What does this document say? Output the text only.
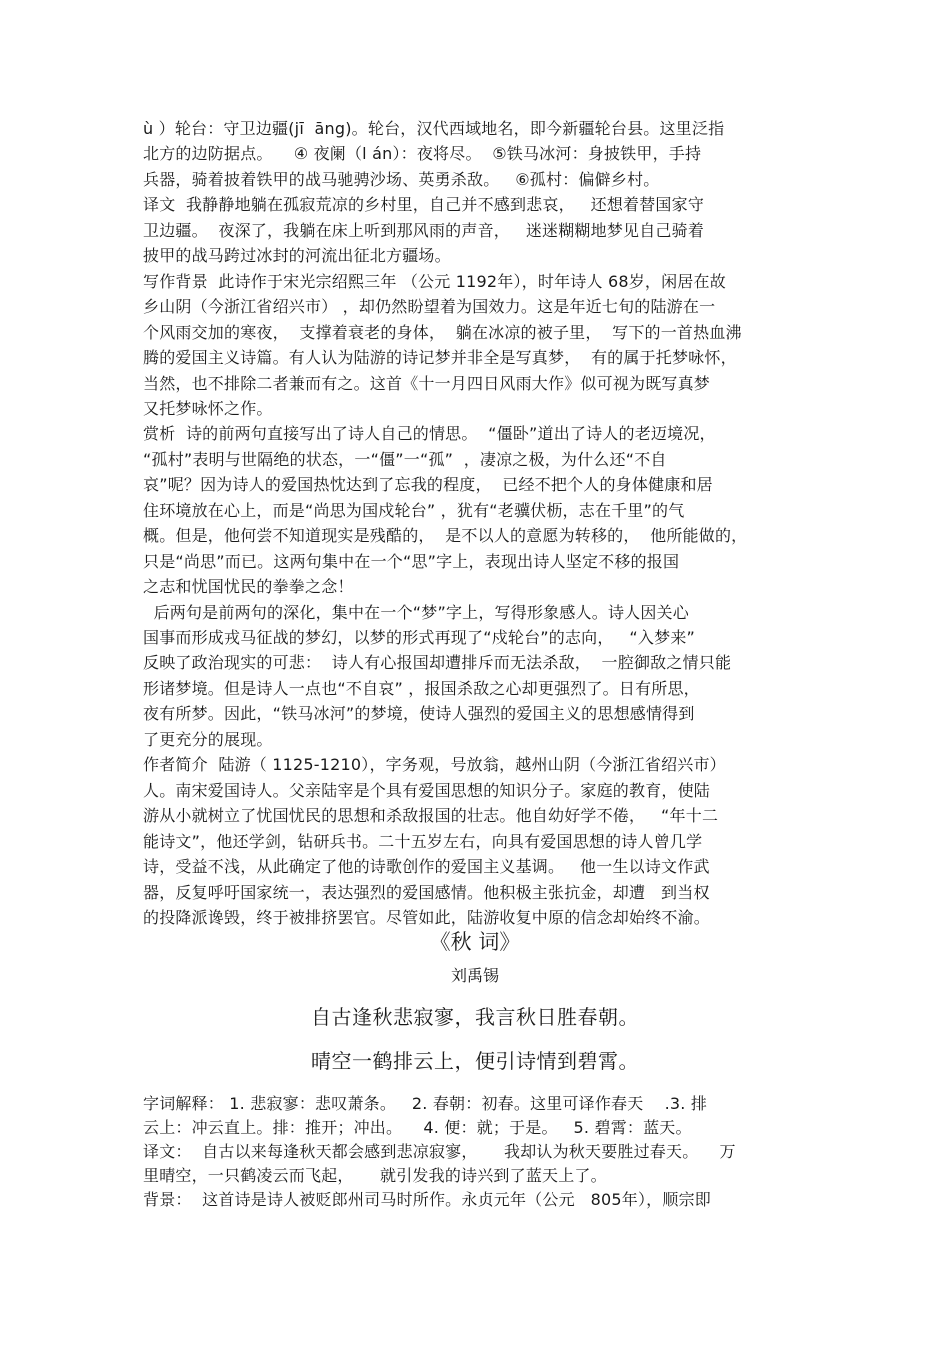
ù ）轮台：守卫边疆(jī  āng)。轮台，汉代西域地名，即今新疆轮台县。这里泛指
北方的边防据点。    ④ 夜阑（l án）：夜将尽。  ⑤铁马冰河：身披铁甲，手持
兵器，骑着披着铁甲的战马驰骋沙场、英勇杀敌。   ⑥孤村：偏僻乡村。
译文  我静静地躺在孤寂荒凉的乡村里，自己并不感到悲哀，   还想着替国家守
卫边疆。  夜深了，我躺在床上听到那风雨的声音，   迷迷糊糊地梦见自己骑着
披甲的战马跨过冰封的河流出征北方疆场。
写作背景  此诗作于宋光宗绍熙三年 （公元 1192年），时年诗人 68岁，闲居在故
乡山阴（今浙江省绍兴市） ，却仍然盼望着为国效力。这是年近七旬的陆游在一
个风雨交加的寒夜，  支撑着衰老的身体，  躺在冰凉的被子里，  写下的一首热血沸
腾的爱国主义诗篇。有人认为陆游的诗记梦并非全是写真梦，  有的属于托梦咏怀，
当然，也不排除二者兼而有之。这首《十一月四日风雨大作》似可视为既写真梦
又托梦咏怀之作。
赏析  诗的前两句直接写出了诗人自己的情思。  “僵卧”道出了诗人的老迈境况，
“孤村”表明与世隔绝的状态，一“僵”一“孤”  ，凄凉之极，为什么还“不自
哀”呢？因为诗人的爱国热忱达到了忘我的程度，  已经不把个人的身体健康和居
住环境放在心上，而是“尚思为国戍轮台” ，犹有“老骥伏枥，志在千里”的气
概。但是，他何尝不知道现实是残酷的，  是不以人的意愿为转移的，  他所能做的，
只是“尚思”而已。这两句集中在一个“思”字上，表现出诗人坚定不移的报国
之志和忧国忧民的拳拳之念！
后两句是前两句的深化，集中在一个“梦”字上，写得形象感人。诗人因关心
国事而形成戎马征战的梦幻，以梦的形式再现了“戍轮台”的志向，   “入梦来”
反映了政治现实的可悲：  诗人有心报国却遭排斥而无法杀敌，  一腔御敌之情只能
形诸梦境。但是诗人一点也“不自哀” ，报国杀敌之心却更强烈了。日有所思，
夜有所梦。因此，“铁马冰河”的梦境，使诗人强烈的爱国主义的思想感情得到
了更充分的展现。
作者简介  陆游（ 1125-1210），字务观，号放翁，越州山阴（今浙江省绍兴市）
人。南宋爱国诗人。父亲陆宰是个具有爱国思想的知识分子。家庭的教育，使陆
游从小就树立了忧国忧民的思想和杀敌报国的壮志。他自幼好学不倦，   “年十二
能诗文”，他还学剑，钻研兵书。二十五岁左右，向具有爱国思想的诗人曾几学
诗，受益不浅，从此确定了他的诗歌创作的爱国主义基调。   他一生以诗文作武
器，反复呼吁国家统一，表达强烈的爱国感情。他积极主张抗金，却遭   到当权
的投降派谗毁，终于被排挤罢官。尽管如此，陆游收复中原的信念却始终不渝。
《秋 词》
刘禹锡
自古逢秋悲寂寥，我言秋日胜春朝。
晴空一鹤排云上，便引诗情到碧霄。
字词解释： 1. 悲寂寥：悲叹萧条。   2. 春朝：初春。这里可译作春天    .3. 排
云上：冲云直上。排：推开；冲出。    4. 便：就；于是。   5. 碧霄：蓝天。
译文：  自古以来每逢秋天都会感到悲凉寂寥，     我却认为秋天要胜过春天。    万
里晴空，一只鹤凌云而飞起，     就引发我的诗兴到了蓝天上了。
背景：  这首诗是诗人被贬郎州司马时所作。永贞元年（公元   805年），顺宗即
